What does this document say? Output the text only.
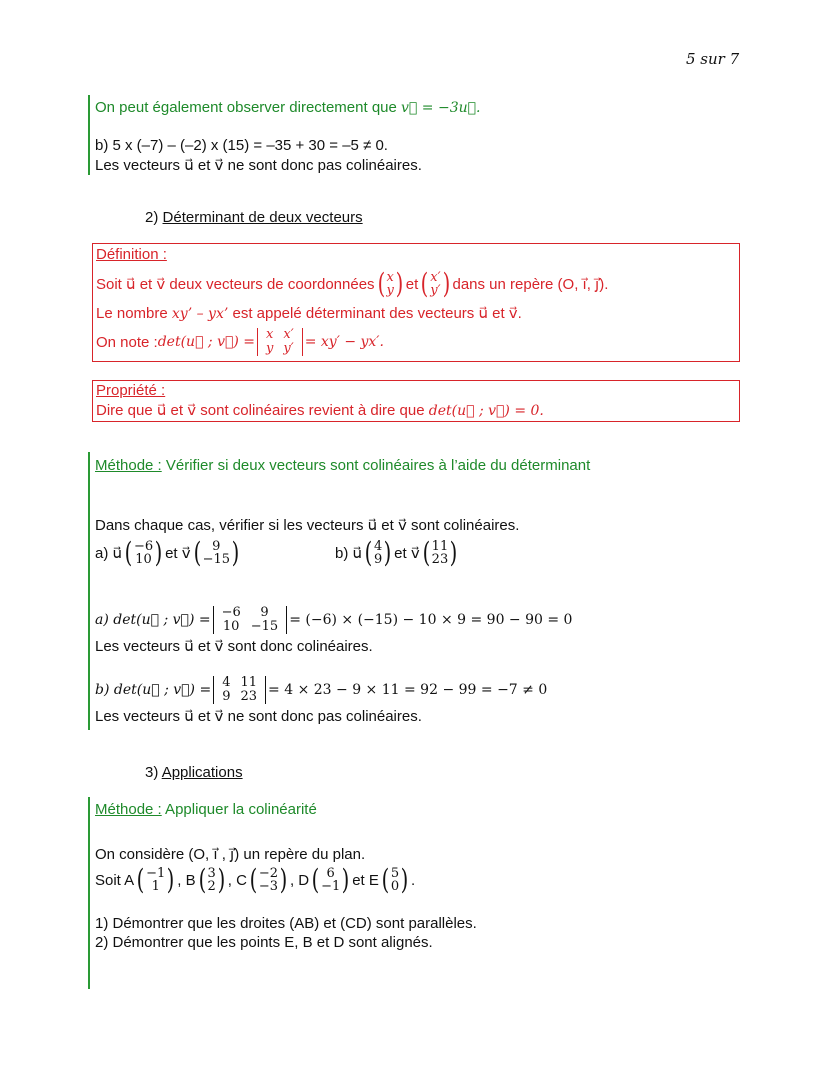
5 sur 7
On peut également observer directement que v⃗ = −3u⃗.
b) 5 x (–7) – (–2) x (15) = –35 + 30 = –5 ≠ 0.
Les vecteurs u⃗ et v⃗ ne sont donc pas colinéaires.
2) Déterminant de deux vecteurs
Définition :
Soit u⃗ et v⃗ deux vecteurs de coordonnées ( x
y ) et ( x′
y′ ) dans un repère (O, i⃗, j⃗).
Le nombre xy’ – yx’ est appelé déterminant des vecteurs u⃗ et v⃗.
On note : det(u⃗ ; v⃗) = x	x′
y	y′ = xy′ − yx′.
Propriété :
Dire que u⃗ et v⃗ sont colinéaires revient à dire que det(u⃗ ; v⃗) = 0.
Méthode : Vérifier si deux vecteurs sont colinéaires à l’aide du déterminant
Dans chaque cas, vérifier si les vecteurs u⃗ et v⃗ sont colinéaires.
a) u⃗ ( −6
10 ) et v⃗ ( 9
−15 )	b) u⃗ ( 4
9 ) et v⃗ ( 11
23 )
a) det(u⃗ ; v⃗) = −6	9
10	−15 = (−6) × (−15) − 10 × 9 = 90 − 90 = 0
Les vecteurs u⃗ et v⃗ sont donc colinéaires.
b) det(u⃗ ; v⃗) = 4	11
9	23 = 4 × 23 − 9 × 11 = 92 − 99 = −7 ≠ 0
Les vecteurs u⃗ et v⃗ ne sont donc pas colinéaires.
3) Applications
Méthode : Appliquer la colinéarité
On considère (O, i⃗ , j⃗) un repère du plan.
Soit A ( −1
1 ) , B ( 3
2 ) , C ( −2
−3 ) , D ( 6
−1 ) et E ( 5
0 ) .
1) Démontrer que les droites (AB) et (CD) sont parallèles.
2) Démontrer que les points E, B et D sont alignés.
